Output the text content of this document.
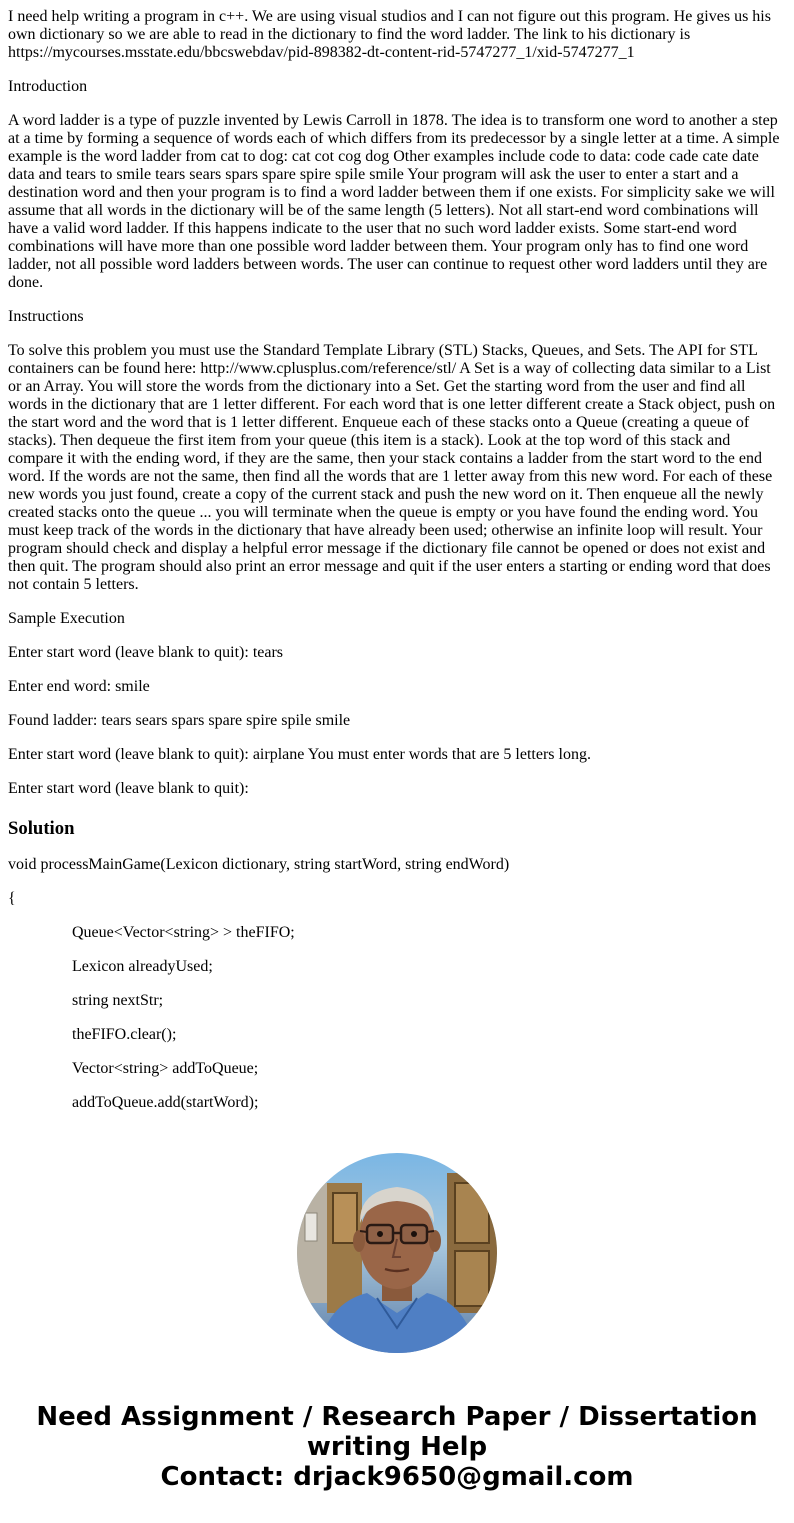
I need help writing a program in c++. We are using visual studios and I can not figure out this program. He gives us his own dictionary so we are able to read in the dictionary to find the word ladder. The link to his dictionary is https://mycourses.msstate.edu/bbcswebdav/pid-898382-dt-content-rid-5747277_1/xid-5747277_1

Introduction

A word ladder is a type of puzzle invented by Lewis Carroll in 1878. The idea is to transform one word to another a step at a time by forming a sequence of words each of which differs from its predecessor by a single letter at a time. A simple example is the word ladder from cat to dog: cat cot cog dog Other examples include code to data: code cade cate date data and tears to smile tears sears spars spare spire spile smile Your program will ask the user to enter a start and a destination word and then your program is to find a word ladder between them if one exists. For simplicity sake we will assume that all words in the dictionary will be of the same length (5 letters). Not all start-end word combinations will have a valid word ladder. If this happens indicate to the user that no such word ladder exists. Some start-end word combinations will have more than one possible word ladder between them. Your program only has to find one word ladder, not all possible word ladders between words. The user can continue to request other word ladders until they are done.

Instructions

To solve this problem you must use the Standard Template Library (STL) Stacks, Queues, and Sets. The API for STL containers can be found here: http://www.cplusplus.com/reference/stl/ A Set is a way of collecting data similar to a List or an Array. You will store the words from the dictionary into a Set. Get the starting word from the user and find all words in the dictionary that are 1 letter different. For each word that is one letter different create a Stack object, push on the start word and the word that is 1 letter different. Enqueue each of these stacks onto a Queue (creating a queue of stacks). Then dequeue the first item from your queue (this item is a stack). Look at the top word of this stack and compare it with the ending word, if they are the same, then your stack contains a ladder from the start word to the end word. If the words are not the same, then find all the words that are 1 letter away from this new word. For each of these new words you just found, create a copy of the current stack and push the new word on it. Then enqueue all the newly created stacks onto the queue ... you will terminate when the queue is empty or you have found the ending word. You must keep track of the words in the dictionary that have already been used; otherwise an infinite loop will result. Your program should check and display a helpful error message if the dictionary file cannot be opened or does not exist and then quit. The program should also print an error message and quit if the user enters a starting or ending word that does not contain 5 letters.

Sample Execution

Enter start word (leave blank to quit): tears

Enter end word: smile

Found ladder: tears sears spars spare spire spile smile

Enter start word (leave blank to quit): airplane You must enter words that are 5 letters long.

Enter start word (leave blank to quit):

Solution

void processMainGame(Lexicon dictionary, string startWord, string endWord)

{

Queue<Vector<string> > theFIFO;

Lexicon alreadyUsed;

string nextStr;

theFIFO.clear();

Vector<string> addToQueue;

addToQueue.add(startWord);

Need Assignment / Research Paper / Dissertation
writing Help
Contact: drjack9650@gmail.com
